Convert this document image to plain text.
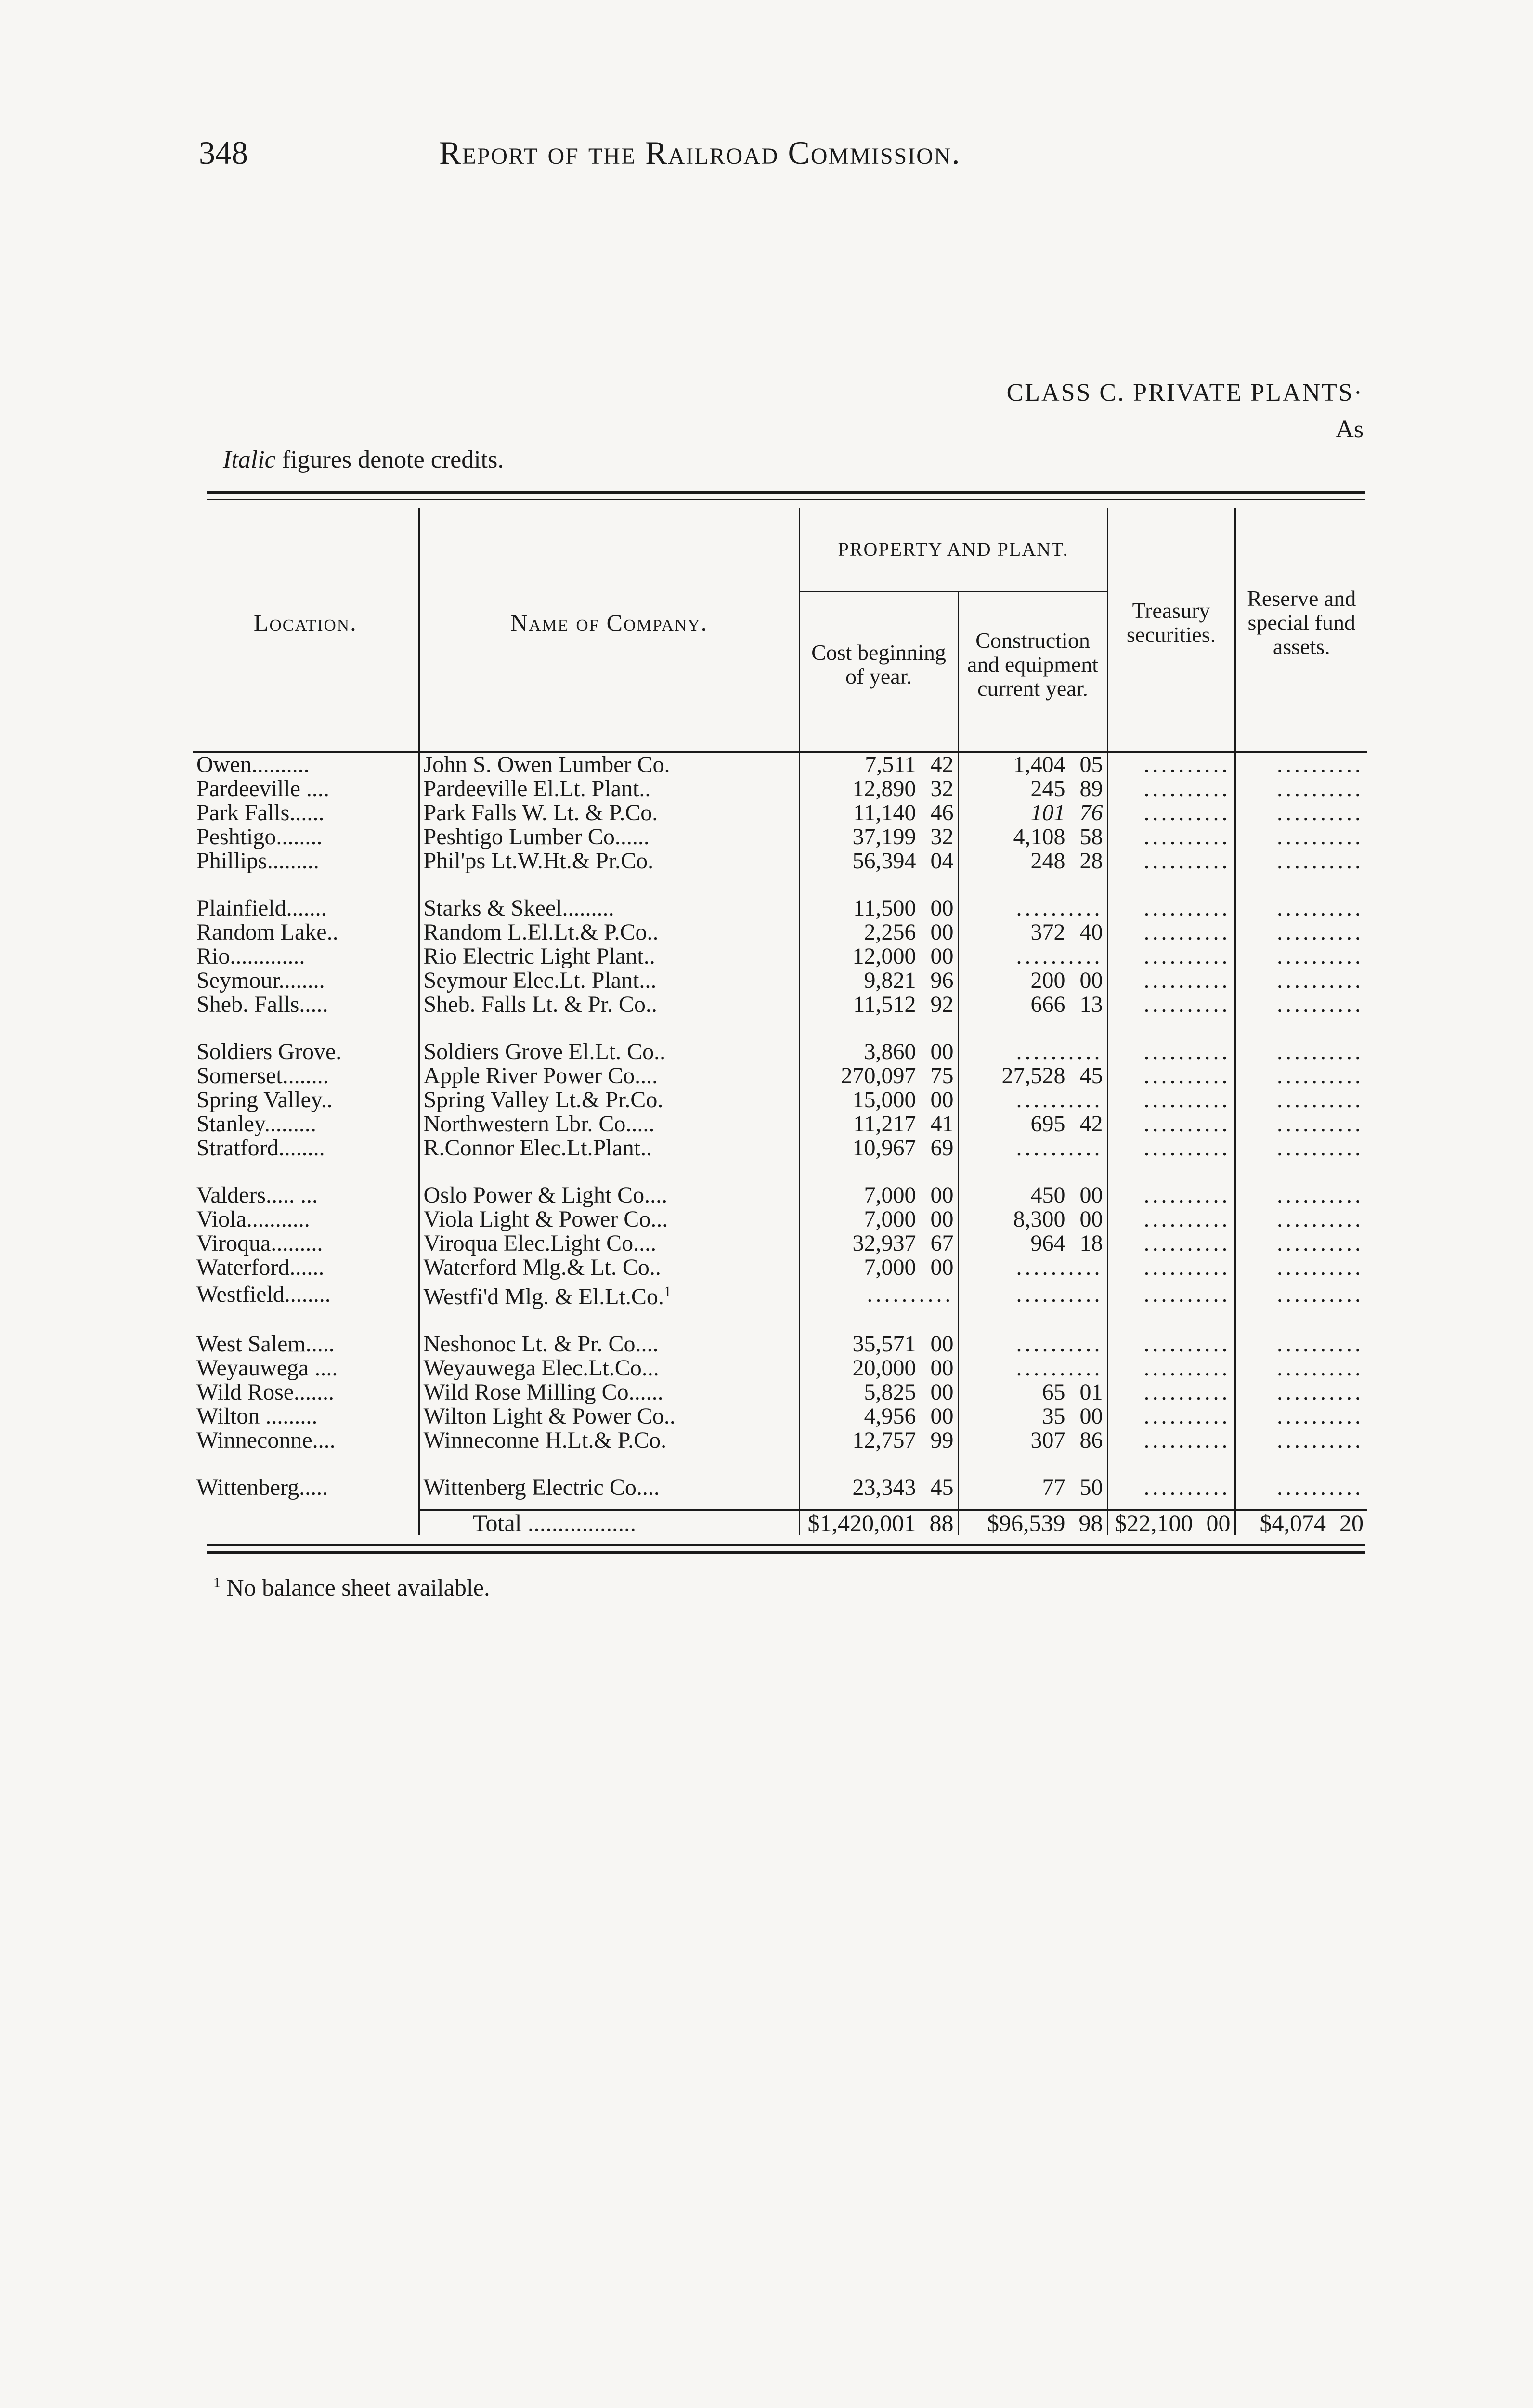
348	Report of the Railroad Commission.
CLASS C. PRIVATE PLANTS·
As
Italic figures denote credits.
Location.	Name of Company.	PROPERTY AND PLANT.		Treasury securities.	Reserve and special fund assets.
		Cost beginning of year.	Construction and equipment current year.		

Owen..........	John S. Owen Lumber Co.	7,511 42	1,404 05	..........	..........
Pardeeville ....	Pardeeville El.Lt. Plant..	12,890 32	245 89	..........	..........
Park Falls......	Park Falls W. Lt. & P.Co.	11,140 46	101 76	..........	..........
Peshtigo........	Peshtigo Lumber Co......	37,199 32	4,108 58	..........	..........
Phillips.........	Phil'ps Lt.W.Ht.& Pr.Co.	56,394 04	248 28	..........	..........

Plainfield.......	Starks & Skeel.........	11,500 00	..........	..........	..........
Random Lake..	Random L.El.Lt.& P.Co..	2,256 00	372 40	..........	..........
Rio.............	Rio Electric Light Plant..	12,000 00	..........	..........	..........
Seymour........	Seymour Elec.Lt. Plant...	9,821 96	200 00	..........	..........
Sheb. Falls.....	Sheb. Falls Lt. & Pr. Co..	11,512 92	666 13	..........	..........

Soldiers Grove.	Soldiers Grove El.Lt. Co..	3,860 00	..........	..........	..........
Somerset........	Apple River Power Co....	270,097 75	27,528 45	..........	..........
Spring Valley..	Spring Valley Lt.& Pr.Co.	15,000 00	..........	..........	..........
Stanley.........	Northwestern Lbr. Co.....	11,217 41	695 42	..........	..........
Stratford........	R.Connor Elec.Lt.Plant..	10,967 69	..........	..........	..........

Valders..... ...	Oslo Power & Light Co....	7,000 00	450 00	..........	..........
Viola...........	Viola Light & Power Co...	7,000 00	8,300 00	..........	..........
Viroqua.........	Viroqua Elec.Light Co....	32,937 67	964 18	..........	..........
Waterford......	Waterford Mlg.& Lt. Co..	7,000 00	..........	..........	..........
Westfield........	Westfi'd Mlg. & El.Lt.Co.$^1$	..........	..........	..........	..........

West Salem.....	Neshonoc Lt. & Pr. Co....	35,571 00	..........	..........	..........
Weyauwega ....	Weyauwega Elec.Lt.Co...	20,000 00	..........	..........	..........
Wild Rose.......	Wild Rose Milling Co......	5,825 00	65 01	..........	..........
Wilton .........	Wilton Light & Power Co..	4,956 00	35 00	..........	..........
Winneconne....	Winneconne H.Lt.& P.Co.	12,757 99	307 86	..........	..........

Wittenberg.....	Wittenberg Electric Co....	23,343 45	77 50	..........	..........

	Total ..................	$1,420,001 88	$96,539 98	$22,100 00	$4,074 20
$^1$ No balance sheet available.
